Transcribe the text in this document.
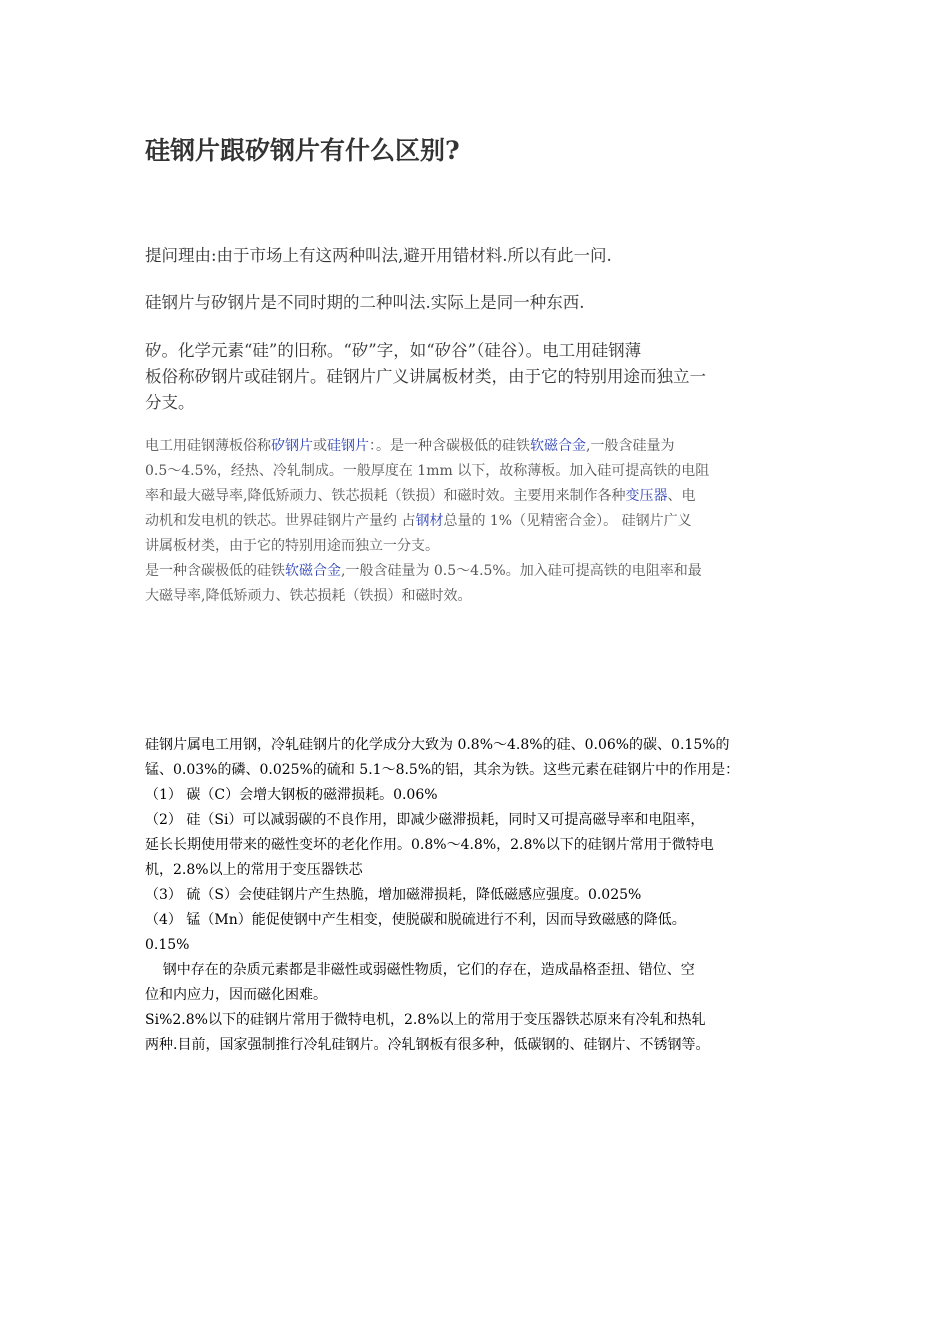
硅钢片跟矽钢片有什么区别?

提问理由:由于市场上有这两种叫法,避开用错材料.所以有此一问.

硅钢片与矽钢片是不同时期的二种叫法.实际上是同一种东西.

矽。化学元素“硅”的旧称。“矽”字，如“矽谷”（硅谷）。电工用硅钢薄
板俗称矽钢片或硅钢片。硅钢片广义讲属板材类，由于它的特别用途而独立一
分支。

电工用硅钢薄板俗称矽钢片或硅钢片：。是一种含碳极低的硅铁软磁合金,一般含硅量为
0.5～4.5%，经热、冷轧制成。一般厚度在 1mm 以下，故称薄板。加入硅可提高铁的电阻
率和最大磁导率,降低矫顽力、铁芯损耗（铁损）和磁时效。主要用来制作各种变压器、电
动机和发电机的铁芯。世界硅钢片产量约 占钢材总量的 1%（见精密合金）。 硅钢片广义
讲属板材类，由于它的特别用途而独立一分支。
是一种含碳极低的硅铁软磁合金,一般含硅量为 0.5～4.5%。加入硅可提高铁的电阻率和最
大磁导率,降低矫顽力、铁芯损耗（铁损）和磁时效。

硅钢片属电工用钢，冷轧硅钢片的化学成分大致为 0.8%～4.8%的硅、0.06%的碳、0.15%的
锰、0.03%的磷、0.025%的硫和 5.1～8.5%的铝，其余为铁。这些元素在硅钢片中的作用是：
（1） 碳（C）会增大钢板的磁滞损耗。0.06%
（2） 硅（Si）可以减弱碳的不良作用，即减少磁滞损耗，同时又可提高磁导率和电阻率，
延长长期使用带来的磁性变坏的老化作用。0.8%～4.8%，2.8%以下的硅钢片常用于微特电
机，2.8%以上的常用于变压器铁芯
（3） 硫（S）会使硅钢片产生热脆，增加磁滞损耗，降低磁感应强度。0.025%
（4） 锰（Mn）能促使钢中产生相变，使脱碳和脱硫进行不利，因而导致磁感的降低。
0.15%
钢中存在的杂质元素都是非磁性或弱磁性物质，它们的存在，造成晶格歪扭、错位、空
位和内应力，因而磁化困难。
Si%2.8%以下的硅钢片常用于微特电机，2.8%以上的常用于变压器铁芯原来有冷轧和热轧
两种.目前，国家强制推行冷轧硅钢片。冷轧钢板有很多种，低碳钢的、硅钢片、不锈钢等。
